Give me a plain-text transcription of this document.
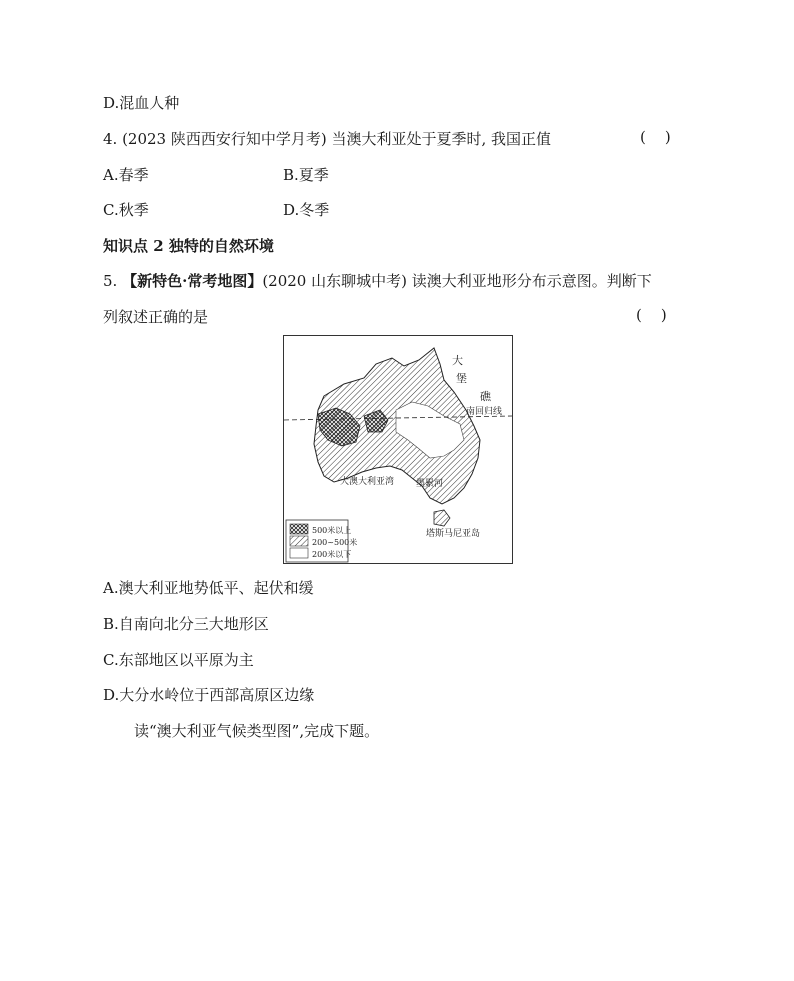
D.混血人种
4. (2023 陕西西安行知中学月考) 当澳大利亚处于夏季时, 我国正值	(    )
A.春季	B.夏季
C.秋季	D.冬季
知识点 2 独特的自然环境
5. 【新特色·常考地图】(2020 山东聊城中考) 读澳大利亚地形分布示意图。判断下
列叙述正确的是	(    )
大
堡
礁
南回归线
大澳大利亚湾 墨累河
塔斯马尼亚岛
500米以上
200~500米
200米以下
A.澳大利亚地势低平、起伏和缓
B.自南向北分三大地形区
C.东部地区以平原为主
D.大分水岭位于西部高原区边缘
读“澳大利亚气候类型图”,完成下题。
